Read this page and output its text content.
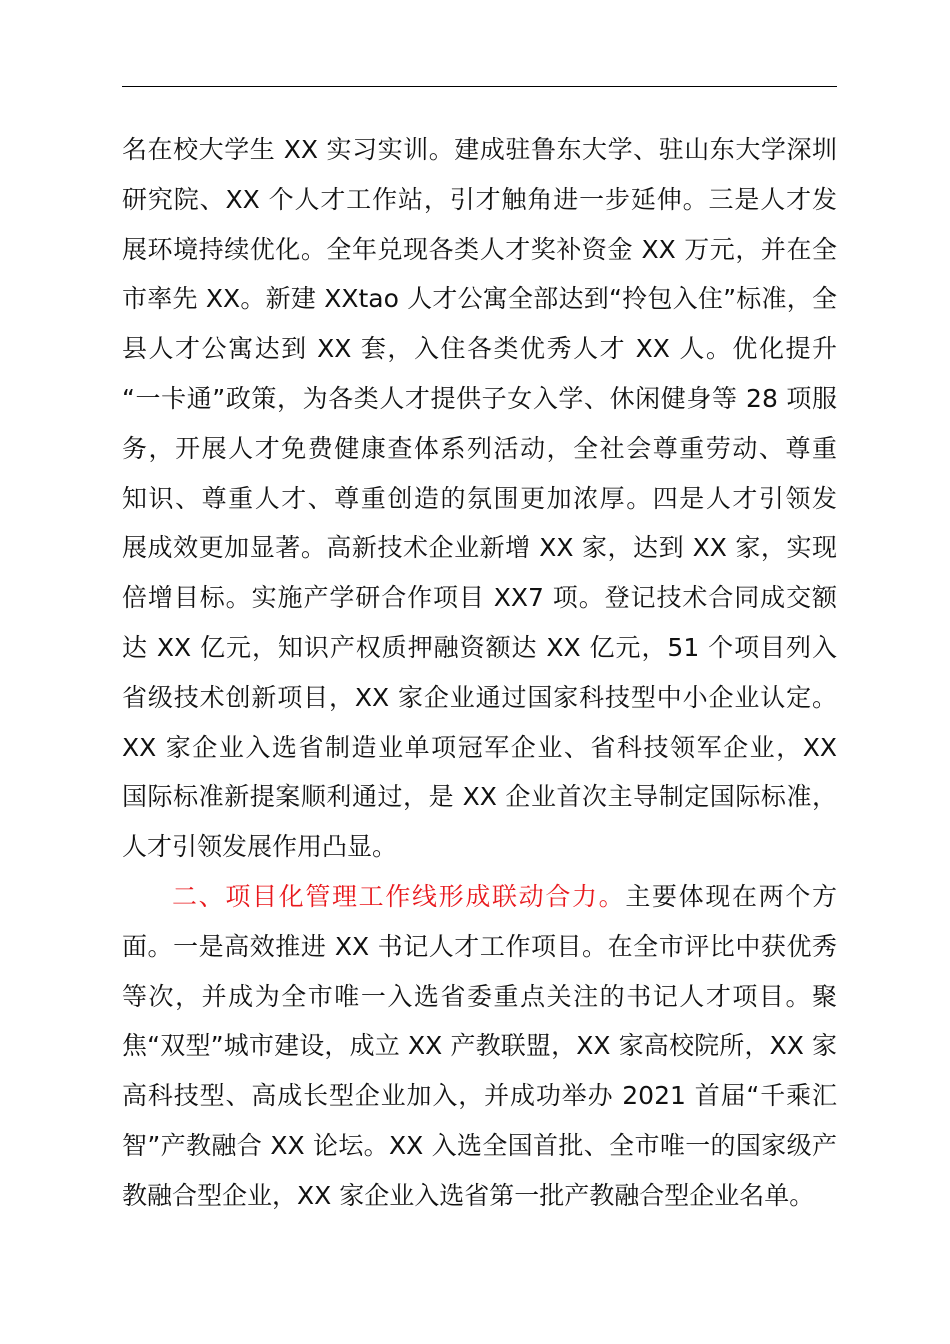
名在校大学生 XX 实习实训。建成驻鲁东大学、驻山东大学深圳
研究院、XX 个人才工作站，引才触角进一步延伸。三是人才发
展环境持续优化。全年兑现各类人才奖补资金 XX 万元，并在全
市率先 XX。新建 XXtao 人才公寓全部达到“拎包入住”标准，全
县人才公寓达到 XX 套，入住各类优秀人才 XX 人。优化提升
“一卡通”政策，为各类人才提供子女入学、休闲健身等 28 项服
务，开展人才免费健康查体系列活动，全社会尊重劳动、尊重
知识、尊重人才、尊重创造的氛围更加浓厚。四是人才引领发
展成效更加显著。高新技术企业新增 XX 家，达到 XX 家，实现
倍增目标。实施产学研合作项目 XX7 项。登记技术合同成交额
达 XX 亿元，知识产权质押融资额达 XX 亿元，51 个项目列入
省级技术创新项目，XX 家企业通过国家科技型中小企业认定。
XX 家企业入选省制造业单项冠军企业、省科技领军企业，XX
国际标准新提案顺利通过，是 XX 企业首次主导制定国际标准，
人才引领发展作用凸显。
二、项目化管理工作线形成联动合力。主要体现在两个方
面。一是高效推进 XX 书记人才工作项目。在全市评比中获优秀
等次，并成为全市唯一入选省委重点关注的书记人才项目。聚
焦“双型”城市建设，成立 XX 产教联盟，XX 家高校院所，XX 家
高科技型、高成长型企业加入，并成功举办 2021 首届“千乘汇
智”产教融合 XX 论坛。XX 入选全国首批、全市唯一的国家级产
教融合型企业，XX 家企业入选省第一批产教融合型企业名单。
